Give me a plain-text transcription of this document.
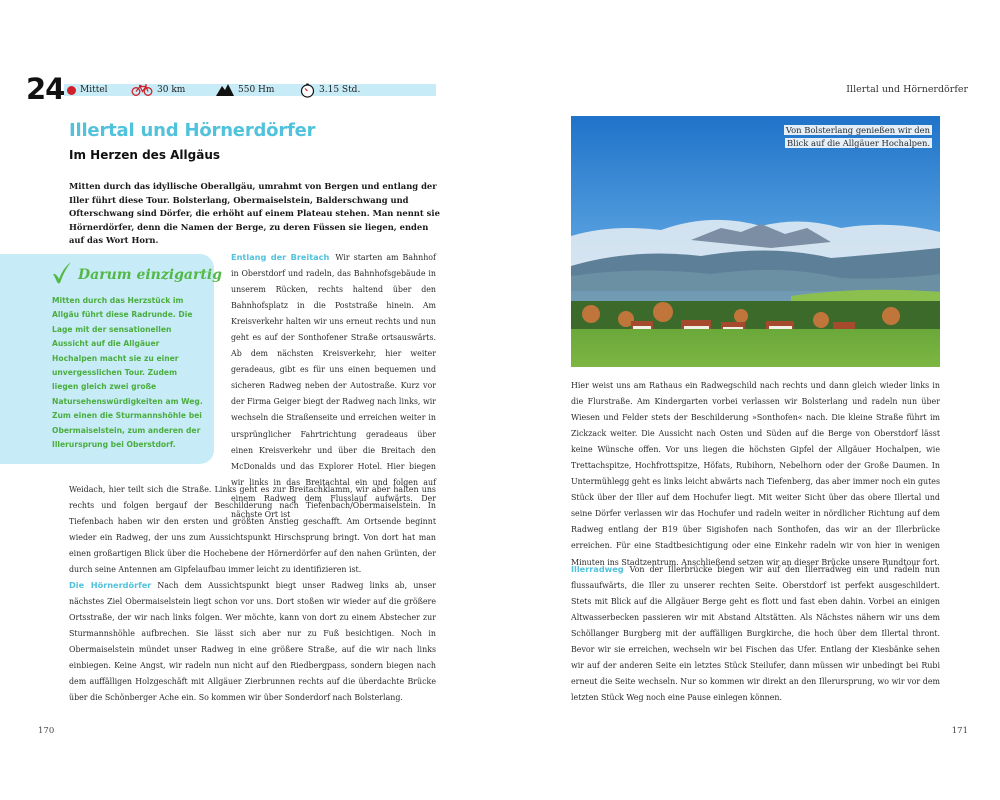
24 Mittel	30 km	550 Hm	3.15 Std.
Illertal und Hörnerdörfer
Im Herzen des Allgäus

Mitten durch das idyllische Oberallgäu, umrahmt von Bergen und entlang der Iller führt diese Tour. Bolsterlang, Obermaiselstein, Balderschwang und Ofterschwang sind Dörfer, die erhöht auf einem Plateau stehen. Man nennt sie Hörnerdörfer, denn die Namen der Berge, zu deren Füssen sie liegen, enden auf das Wort Horn.

Darum einzigartig

Mitten durch das Herzstück im Allgäu führt diese Radrunde. Die Lage mit der sensationellen Aussicht auf die Allgäuer Hochalpen macht sie zu einer unvergesslichen Tour. Zudem liegen gleich zwei große Natursehenswürdigkeiten am Weg. Zum einen die Sturmannshöhle bei Obermaiselstein, zum anderen der Illerursprung bei Oberstdorf.

Entlang der Breitach Wir starten am Bahnhof in Oberstdorf und radeln, das Bahnhofsgebäude in unserem Rücken, rechts haltend über den Bahnhofsplatz in die Poststraße hinein. Am Kreisverkehr halten wir uns erneut rechts und nun geht es auf der Sonthofener Straße ortsauswärts. Ab dem nächsten Kreisverkehr, hier weiter geradeaus, gibt es für uns einen bequemen und sicheren Radweg neben der Autostraße. Kurz vor der Firma Geiger biegt der Radweg nach links, wir wechseln die Straßenseite und erreichen weiter in ursprünglicher Fahrtrichtung geradeaus über einen Kreisverkehr und über die Breitach den McDonalds und das Explorer Hotel. Hier biegen wir links in das Breitachtal ein und folgen auf einem Radweg dem Flusslauf aufwärts. Der nächste Ort ist

Weidach, hier teilt sich die Straße. Links geht es zur Breitachklamm, wir aber halten uns rechts und folgen bergauf der Beschilderung nach Tiefenbach/Obermaiselstein. In Tiefenbach haben wir den ersten und größten Anstieg geschafft. Am Ortsende beginnt wieder ein Radweg, der uns zum Aussichtspunkt Hirschsprung bringt. Von dort hat man einen großartigen Blick über die Hochebene der Hörnerdörfer auf den nahen Grünten, der durch seine Antennen am Gipfelaufbau immer leicht zu identifizieren ist.

Die Hörnerdörfer Nach dem Aussichtspunkt biegt unser Radweg links ab, unser nächstes Ziel Obermaiselstein liegt schon vor uns. Dort stoßen wir wieder auf die größere Ortsstraße, der wir nach links folgen. Wer möchte, kann von dort zu einem Abstecher zur Sturmannshöhle aufbrechen. Sie lässt sich aber nur zu Fuß besichtigen. Noch in Obermaiselstein mündet unser Radweg in eine größere Straße, auf die wir nach links einbiegen. Keine Angst, wir radeln nun nicht auf den Riedbergpass, sondern biegen nach dem auffälligen Holzgeschäft mit Allgäuer Zierbrunnen rechts auf die überdachte Brücke über die Schönberger Ache ein. So kommen wir über Sonderdorf nach Bolsterlang.

170
Illertal und Hörnerdörfer
171
Von Bolsterlang genießen wir den
Blick auf die Allgäuer Hochalpen.

Hier weist uns am Rathaus ein Radwegschild nach rechts und dann gleich wieder links in die Flurstraße. Am Kindergarten vorbei verlassen wir Bolsterlang und radeln nun über Wiesen und Felder stets der Beschilderung »Sonthofen« nach. Die kleine Straße führt im Zickzack weiter. Die Aussicht nach Osten und Süden auf die Berge von Oberstdorf lässt keine Wünsche offen. Vor uns liegen die höchsten Gipfel der Allgäuer Hochalpen, wie Trettachspitze, Hochfrottspitze, Höfats, Rubihorn, Nebelhorn oder der Große Daumen. In Untermühlegg geht es links leicht abwärts nach Tiefenberg, das aber immer noch ein gutes Stück über der Iller auf dem Hochufer liegt. Mit weiter Sicht über das obere Illertal und seine Dörfer verlassen wir das Hochufer und radeln weiter in nördlicher Richtung auf dem Radweg entlang der B19 über Sigishofen nach Sonthofen, das wir an der Illerbrücke erreichen. Für eine Stadtbesichtigung oder eine Einkehr radeln wir von hier in wenigen Minuten ins Stadtzentrum. Anschließend setzen wir an dieser Brücke unsere Rundtour fort.

Illerradweg Von der Illerbrücke biegen wir auf den Illerradweg ein und radeln nun flussaufwärts, die Iller zu unserer rechten Seite. Oberstdorf ist perfekt ausgeschildert. Stets mit Blick auf die Allgäuer Berge geht es flott und fast eben dahin. Vorbei an einigen Altwasserbecken passieren wir mit Abstand Altstätten. Als Nächstes nähern wir uns dem Schöllanger Burgberg mit der auffälligen Burgkirche, die hoch über dem Illertal thront. Bevor wir sie erreichen, wechseln wir bei Fischen das Ufer. Entlang der Kiesbänke sehen wir auf der anderen Seite ein letztes Stück Steilufer, dann müssen wir unbedingt bei Rubi erneut die Seite wechseln. Nur so kommen wir direkt an den Illerursprung, wo wir vor dem letzten Stück Weg noch eine Pause einlegen können.
